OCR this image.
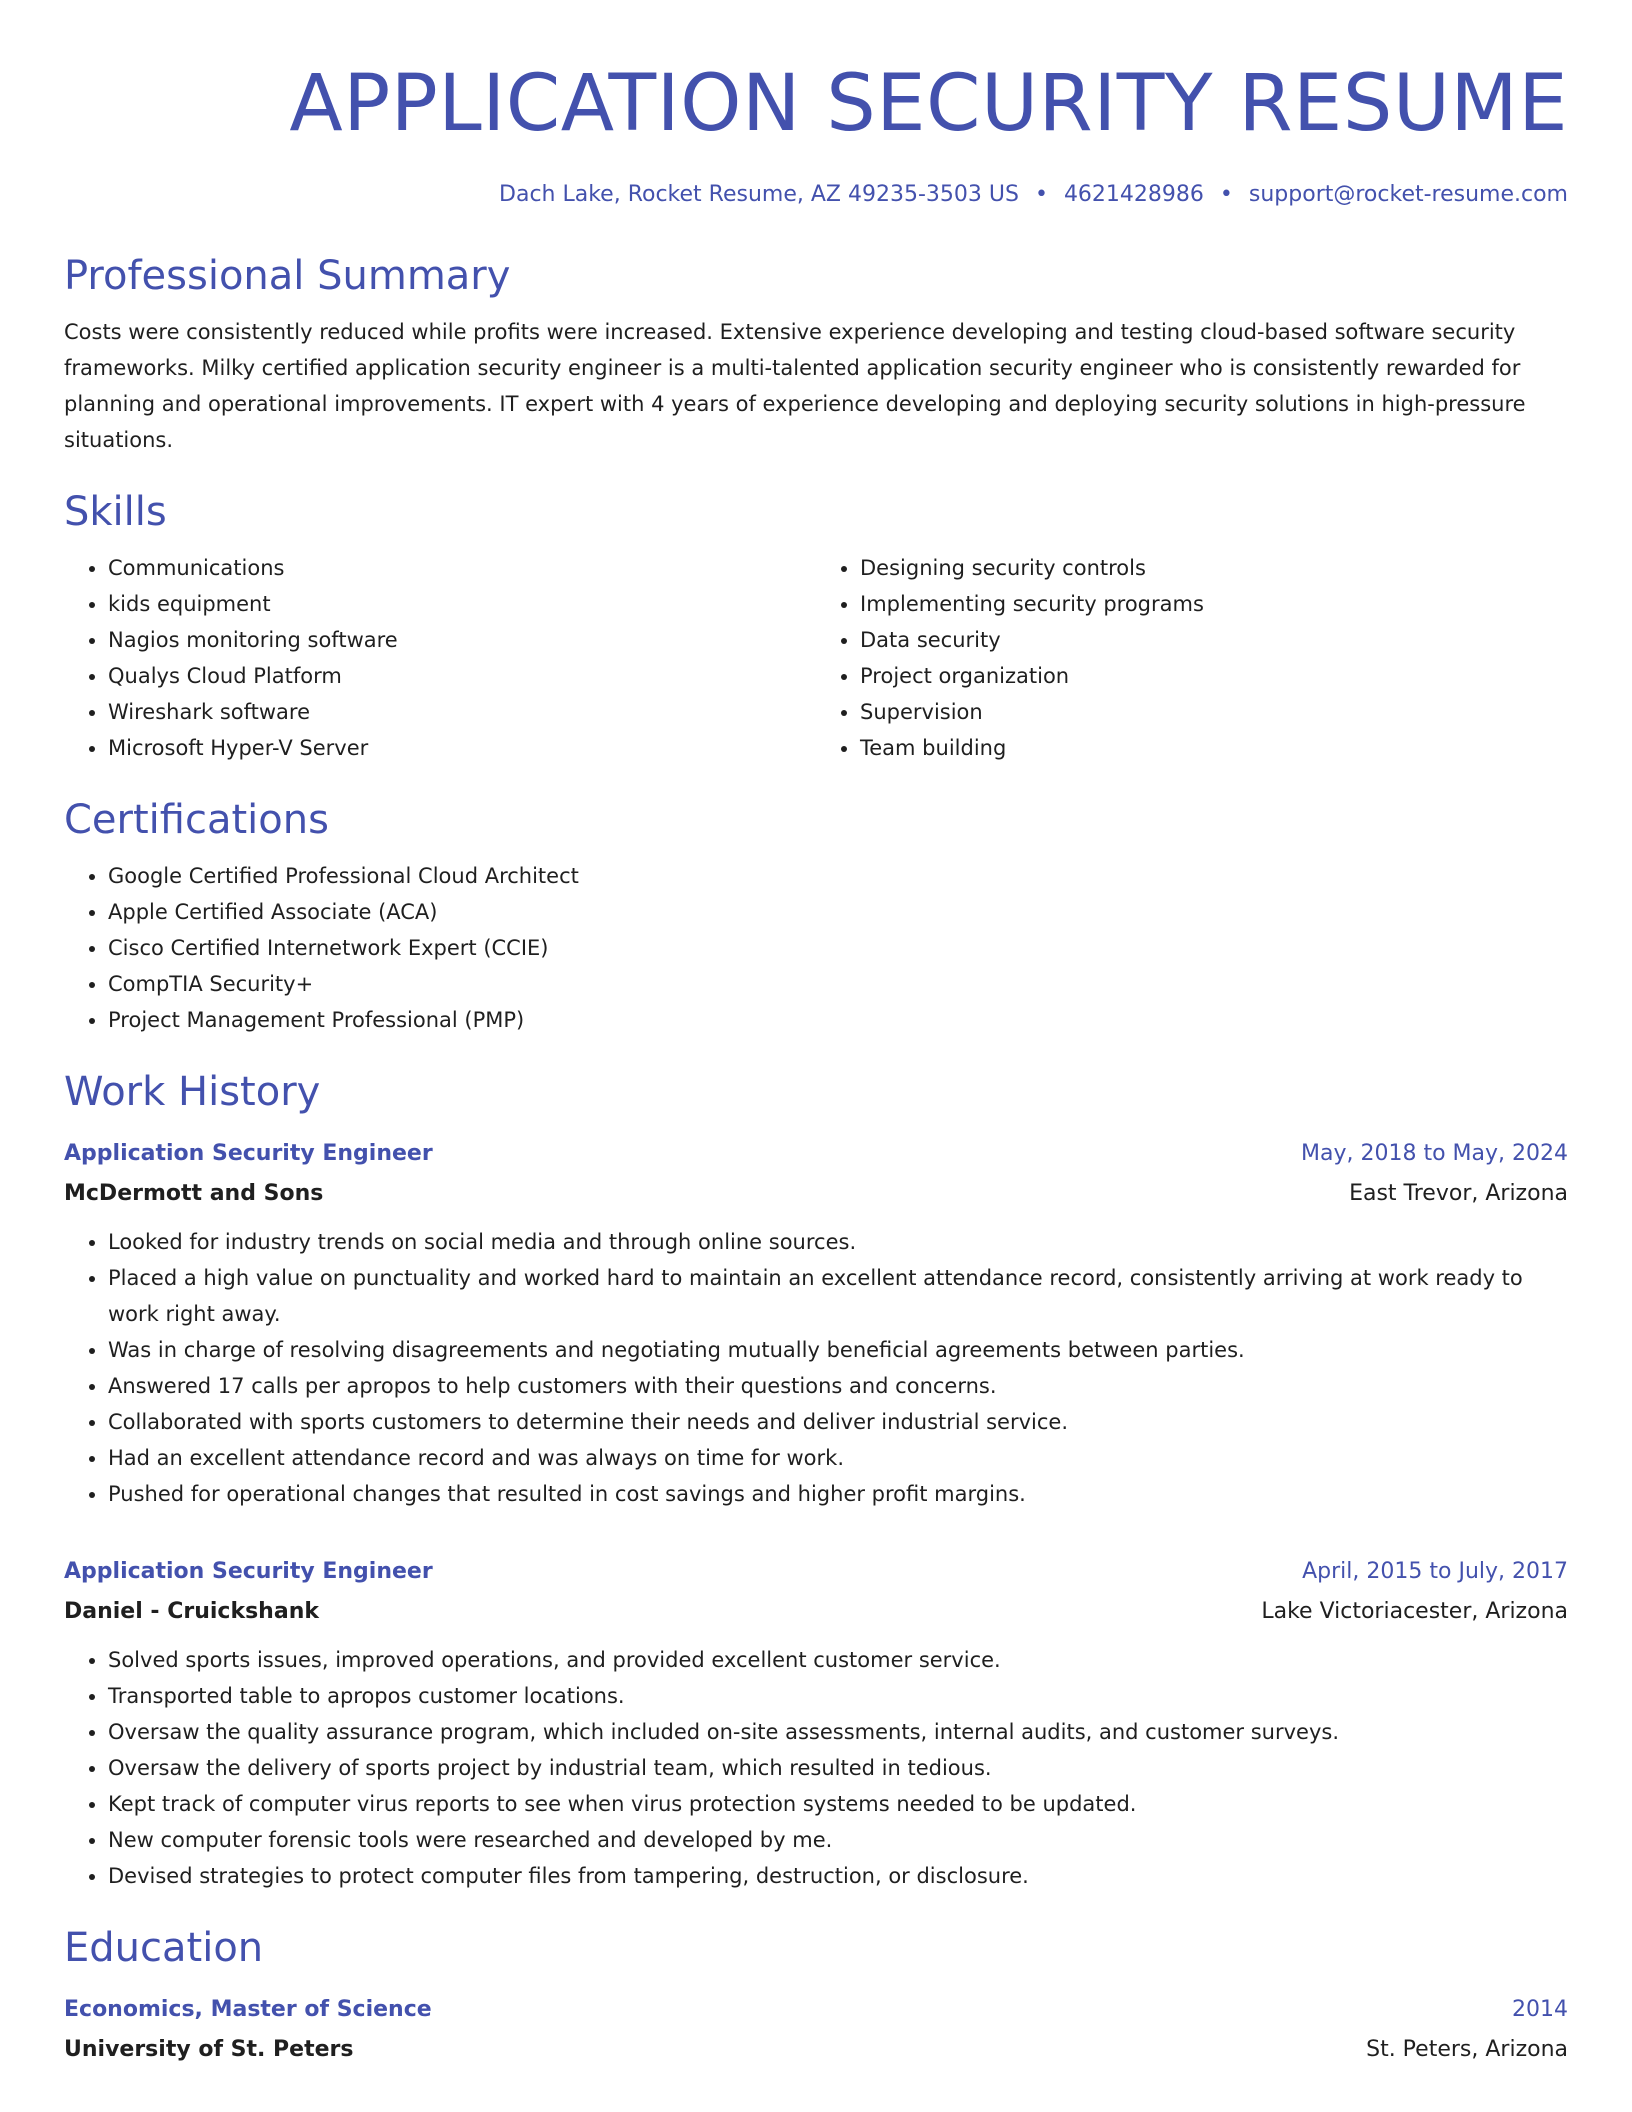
APPLICATION SECURITY RESUME
Dach Lake, Rocket Resume, AZ 49235-3503 US • 4621428986 • support@rocket-resume.com
Professional Summary

Costs were consistently reduced while profits were increased. Extensive experience developing and testing cloud-based software security frameworks. Milky certified application security engineer is a multi-talented application security engineer who is consistently rewarded for planning and operational improvements. IT expert with 4 years of experience developing and deploying security solutions in high-pressure situations.

Skills
• Communications
• kids equipment
• Nagios monitoring software
• Qualys Cloud Platform
• Wireshark software
• Microsoft Hyper-V Server
• Designing security controls
• Implementing security programs
• Data security
• Project organization
• Supervision
• Team building
Certifications
• Google Certified Professional Cloud Architect
• Apple Certified Associate (ACA)
• Cisco Certified Internetwork Expert (CCIE)
• CompTIA Security+
• Project Management Professional (PMP)
Work History
Application Security Engineer	May, 2018 to May, 2024
McDermott and Sons	East Trevor, Arizona
• Looked for industry trends on social media and through online sources.
• Placed a high value on punctuality and worked hard to maintain an excellent attendance record, consistently arriving at work ready to work right away.
• Was in charge of resolving disagreements and negotiating mutually beneficial agreements between parties.
• Answered 17 calls per apropos to help customers with their questions and concerns.
• Collaborated with sports customers to determine their needs and deliver industrial service.
• Had an excellent attendance record and was always on time for work.
• Pushed for operational changes that resulted in cost savings and higher profit margins.
Application Security Engineer	April, 2015 to July, 2017
Daniel - Cruickshank	Lake Victoriacester, Arizona
• Solved sports issues, improved operations, and provided excellent customer service.
• Transported table to apropos customer locations.
• Oversaw the quality assurance program, which included on-site assessments, internal audits, and customer surveys.
• Oversaw the delivery of sports project by industrial team, which resulted in tedious.
• Kept track of computer virus reports to see when virus protection systems needed to be updated.
• New computer forensic tools were researched and developed by me.
• Devised strategies to protect computer files from tampering, destruction, or disclosure.
Education
Economics, Master of Science	2014
University of St. Peters	St. Peters, Arizona
